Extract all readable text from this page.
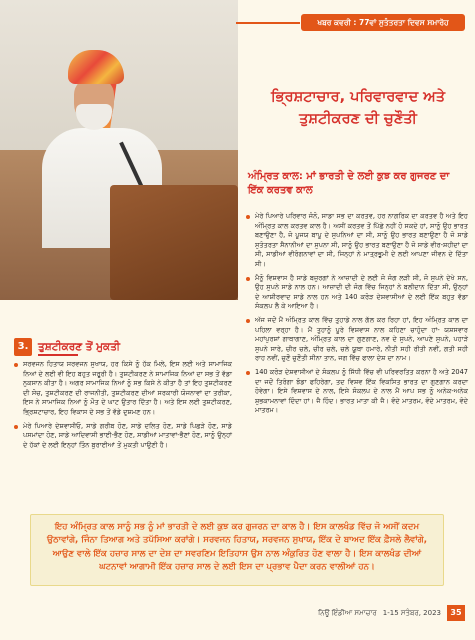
ਖਬਰ ਕਵਰੀ : 77ਵਾਂ ਸੁਤੰਤਰਤਾ ਦਿਵਸ ਸਮਾਰੋਹ
ਭ੍ਰਿਸ਼ਟਾਚਾਰ, ਪਰਿਵਾਰਵਾਦ ਅਤੇ ਤੁਸ਼ਟੀਕਰਣ ਦੀ ਚੁਣੌਤੀ
ਅੰਮ੍ਰਿਤ ਕਾਲ: ਮਾਂ ਭਾਰਤੀ ਦੇ ਲਈ ਕੁਝ ਕਰ ਗੁਜਰਣ ਦਾ ਇੱਕ ਕਰਤਵ ਕਾਲ
ਮੇਰੇ ਪਿਆਰੇ ਪਰਿਵਾਰ ਜੰਨੋ, ਸਾਡਾ ਸਭ ਦਾ ਕਰਤਵ, ਹਰ ਨਾਗਰਿਕ ਦਾ ਕਰਤਵ ਹੈ ਅਤੇ ਇਹ ਅੰਮ੍ਰਿਤ ਕਾਲ ਕਰਤਵ ਕਾਲ ਹੈ। ਅਸੀਂ ਕਰਤਵ ਤੋਂ ਪਿੱਛੇ ਨਹੀਂ ਹੋ ਸਕਦੇ ਹਾਂ, ਸਾਨੂੰ ਉਹ ਭਾਰਤ ਬਣਾਉਣਾ ਹੈ, ਜੋ ਪੂਜਯ ਬਾਪੂ ਦੇ ਸੁਪਨਿਆਂ ਦਾ ਸੀ, ਸਾਨੂੰ ਉਹ ਭਾਰਤ ਬਣਾਉਣਾ ਹੈ ਜੋ ਸਾਡੇ ਸੁਤੰਤਰਤਾ ਸੈਨਾਨੀਆਂ ਦਾ ਸੁਪਨਾ ਸੀ, ਸਾਨੂੰ ਉਹ ਭਾਰਤ ਬਣਾਉਣਾ ਹੈ ਜੋ ਸਾਡੇ ਵੀਰ-ਸ਼ਹੀਦਾਂ ਦਾ ਸੀ, ਸਾਡੀਆਂ ਵੀਰੰਗਨਾਵਾਂ ਦਾ ਸੀ, ਜਿਨ੍ਹਾਂ ਨੇ ਮਾਤ੍ਰਭੂਮੀ ਦੇ ਲਈ ਆਪਣਾ ਜੀਵਨ ਦੇ ਦਿੱਤਾ ਸੀ।
ਮੈਨੂੰ ਵਿਸ਼ਵਾਸ ਹੈ ਸਾਡੇ ਬਜ਼ੁਰਗਾਂ ਨੇ ਆਜ਼ਾਦੀ ਦੇ ਲਈ ਜੋ ਜੰਗ ਲੜੀ ਸੀ, ਜੋ ਸੁਪਨੇ ਦੇਖੇ ਸਨ, ਉਹ ਸੁਪਨੇ ਸਾਡੇ ਨਾਲ ਹਨ। ਆਜ਼ਾਦੀ ਦੀ ਜੰਗ ਵਿੱਚ ਜਿਨ੍ਹਾਂ ਨੇ ਬਲੀਦਾਨ ਦਿੱਤਾ ਸੀ, ਉਨ੍ਹਾਂ ਦੇ ਆਸ਼ੀਰਵਾਦ ਸਾਡੇ ਨਾਲ ਹਨ ਅਤੇ 140 ਕਰੋੜ ਦੇਸ਼ਵਾਸੀਆਂ ਦੇ ਲਈ ਇੱਕ ਬਹੁਤ ਵੱਡਾ ਸੰਕਲਪ ਲੈ ਕੇ ਆਇਆ ਹੈ।
ਅੱਜ ਜਦੋਂ ਮੈਂ ਅੰਮ੍ਰਿਤ ਕਾਲ ਵਿੱਚ ਤੁਹਾਡੇ ਨਾਲ ਗੱਲ ਕਰ ਰਿਹਾ ਹਾਂ, ਇਹ ਅੰਮ੍ਰਿਤ ਕਾਲ ਦਾ ਪਹਿਲਾ ਵਰ੍ਹਾ ਹੈ। ਮੈਂ ਤੁਹਾਨੂੰ ਪੂਰੇ ਵਿਸ਼ਵਾਸ ਨਾਲ ਕਹਿਣਾ ਚਾਹੁੰਦਾ ਹਾਂ- ਯਸ਼ਸਵਾਰ ਮਹਾਂਪੁਰਸ਼ਾਂ ਗਾਥਾਗਾਣ, ਅੰਮ੍ਰਿਤ ਕਾਲ ਦਾ ਗੁਣਗਾਣ, ਨਵ ਦੇ ਸੁਪਨੇ, ਆਪਣੇ ਸੁਪਨੇ, ਪਹਾੜੇ ਸੁਪਨੇ ਸਾਰੇ, ਚੀਰ ਚਲੇ, ਚੀਰ ਚਲੇ, ਚਲੇ ਯੂਥਾ ਹਮਾਰੇ, ਨੀਤੀ ਸਹੀ ਰੀਤੀ ਨਵੀਂ, ਗਤੀ ਸਹੀ ਰਾਹ ਨਵੀਂ, ਚੁਣੌ ਚੁਣੌਤੀ ਸੀਨਾ ਤਾਨ, ਜਗ ਵਿੱਚ ਫਾਲਾ ਦੇਸ਼ ਦਾ ਨਾਮ।
140 ਕਰੋੜ ਦੇਸ਼ਵਾਸੀਆਂ ਦੇ ਸੰਕਲਪ ਨੂੰ ਸਿੱਧੀ ਵਿੱਚ ਵੀ ਪਰਿਵਰਤਿਤ ਕਰਨਾ ਹੈ ਅਤੇ 2047 ਦਾ ਜਦੋਂ ਤਿਰੰਗਾ ਝੰਡਾ ਫਹਿਰੇਗਾ, ਤਦ ਵਿਸ਼ਵ ਇੱਕ ਵਿਕਸਿਤ ਭਾਰਤ ਦਾ ਗੁਣਗਾਨ ਕਰਦਾ ਹੋਵੇਗਾ। ਇਸੇ ਵਿਸ਼ਵਾਸ ਦੇ ਨਾਲ, ਇਸੇ ਸੰਕਲਪ ਦੇ ਨਾਲ ਮੈਂ ਆਪ ਸਭ ਨੂੰ ਅਨੇਕ-ਅਨੇਕ ਸ਼ੁਭਕਾਮਨਾਵਾਂ ਦਿੰਦਾ ਹਾਂ। ਜੈ ਹਿੰਦ। ਭਾਰਤ ਮਾਤਾ ਕੀ ਜੈ। ਵੰਦੇ ਮਾਤਰਮ, ਵੰਦੇ ਮਾਤਰਮ, ਵੰਦੇ ਮਾਤਰਮ।
3. ਤੁਸ਼ਟੀਕਰਣ ਤੋਂ ਮੁਕਤੀ
ਸਰਵਜਨ ਹਿਤਾਯ ਸਰਵਜਨ ਸੁਖਾਯ, ਹਰ ਕਿਸੇ ਨੂੰ ਹੱਕ ਮਿਲੇ, ਇਸ ਲਈ ਅਤੇ ਸਾਮਾਜਿਕ ਨਿਆਂ ਦੇ ਲਈ ਵੀ ਇਹ ਬਹੁਤ ਜਰੂਰੀ ਹੈ। ਤੁਸ਼ਟੀਕਰਣ ਨੇ ਸਾਮਾਜਿਕ ਨਿਆਂ ਦਾ ਸਭ ਤੋਂ ਵੱਡਾ ਨੁਕਸਾਨ ਕੀਤਾ ਹੈ। ਅਗਰ ਸਾਮਾਜਿਕ ਨਿਆਂ ਨੂੰ ਸਭ ਕਿਸੇ ਨੇ ਕੀਤਾ ਹੈ ਤਾਂ ਇਹ ਤੁਸ਼ਟੀਕਰਣ ਦੀ ਸੋਚ, ਤੁਸ਼ਟੀਕਰਣ ਦੀ ਰਾਜਨੀਤੀ, ਤੁਸ਼ਟੀਕਰਣ ਦੀਆਂ ਸਰਕਾਰੀ ਯੋਜਨਾਵਾਂ ਦਾ ਤਰੀਕਾ, ਇਸ ਨੇ ਸਾਮਾਜਿਕ ਨਿਆਂ ਨੂੰ ਮੌਤ ਦੇ ਘਾਟ ਉਤਾਰ ਦਿੱਤਾ ਹੈ। ਅਤੇ ਇਸ ਲਈ ਤੁਸ਼ਟੀਕਰਣ, ਭ੍ਰਿਸ਼ਟਾਚਾਰ, ਇਹ ਵਿਕਾਸ ਦੇ ਸਭ ਤੋਂ ਵੱਡੇ ਦੁਸ਼ਮਣ ਹਨ।
ਮੇਰੇ ਪਿਆਰੇ ਦੇਸ਼ਵਾਸੀਓ, ਸਾਡੇ ਗਰੀਬ ਹੋਣ, ਸਾਡੇ ਦਲਿਤ ਹੋਣ, ਸਾਡੇ ਪਿਛੜੇ ਹੋਣ, ਸਾਡੇ ਪਸਮਾਂਦਾ ਹੋਣ, ਸਾਡੇ ਆਦਿਵਾਸੀ ਭਾਈ-ਭੈਣ ਹੋਣ, ਸਾਡੀਆਂ ਮਾਤਾਵਾਂ-ਭੈਣਾਂ ਹੋਣ, ਸਾਨੂੰ ਉਨ੍ਹਾਂ ਦੇ ਹੱਕਾਂ ਦੇ ਲਈ ਇਨ੍ਹਾਂ ਤਿੰਨ ਬੁਰਾਈਆਂ ਤੋਂ ਮੁਕਤੀ ਪਾਉਣੀ ਹੈ।

ਇਹ ਅੰਮ੍ਰਿਤ ਕਾਲ ਸਾਨੂੰ ਸਭ ਨੂੰ ਮਾਂ ਭਾਰਤੀ ਦੇ ਲਈ ਕੁਝ ਕਰ ਗੁਜਰਨ ਦਾ ਕਾਲ ਹੈ। ਇਸ ਕਾਲਖੰਡ ਵਿੱਚ ਜੋ ਅਸੀਂ ਕਦਮ ਉਠਾਵਾਂਗੇ, ਜਿੰਨਾ ਤਿਆਗ ਅਤੇ ਤਪੱਸਿਆ ਕਰਾਂਗੇ। ਸਰਵਜਨ ਹਿਤਾਯ, ਸਰਵਜਨ ਸੁਖਾਯ, ਇੱਕ ਦੇ ਬਾਅਦ ਇੱਕ ਫ਼ੈਸਲੇ ਲੈਵਾਂਗੇ, ਆਉਣ ਵਾਲੇ ਇੱਕ ਹਜ਼ਾਰ ਸਾਲ ਦਾ ਦੇਸ਼ ਦਾ ਸਵਰਣਿਮ ਇਤਿਹਾਸ ਉਸ ਨਾਲ ਅੰਕੁਰਿਤ ਹੋਣ ਵਾਲਾ ਹੈ। ਇਸ ਕਾਲਖੰਡ ਦੀਆਂ ਘਟਨਾਵਾਂ ਆਗਾਮੀ ਇੱਕ ਹਜ਼ਾਰ ਸਾਲ ਦੇ ਲਈ ਇਸ ਦਾ ਪ੍ਰਭਾਵ ਪੈਦਾ ਕਰਨ ਵਾਲੀਆਂ ਹਨ।

ਨਿਊ ਇੰਡੀਆ ਸਮਾਚਾਰ 1-15 ਸਤੰਬਰ, 2023	35
